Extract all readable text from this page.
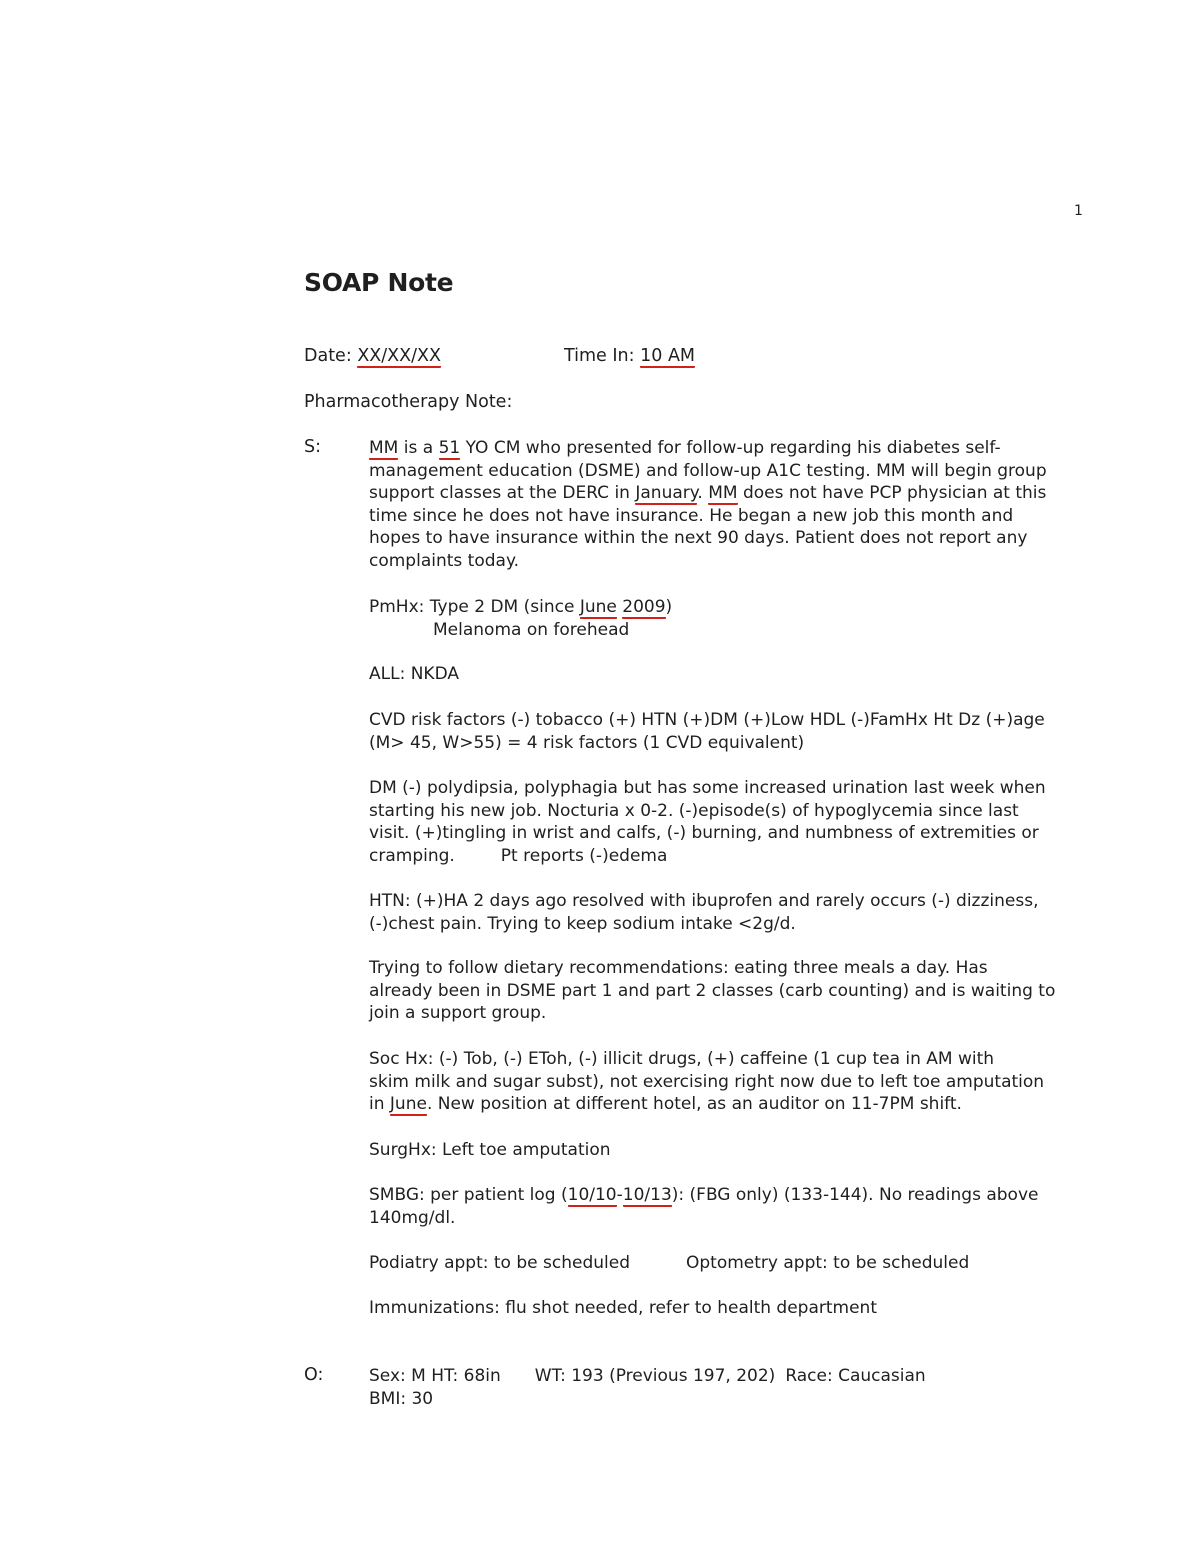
1
SOAP Note
Date: XX/XX/XX	Time In: 10 AM
Pharmacotherapy Note:
S:	MM is a 51 YO CM who presented for follow-up regarding his diabetes self-
management education (DSME) and follow-up A1C testing. MM will begin group
support classes at the DERC in January. MM does not have PCP physician at this
time since he does not have insurance. He began a new job this month and
hopes to have insurance within the next 90 days. Patient does not report any
complaints today.
PmHx: Type 2 DM (since June 2009)
Melanoma on forehead
ALL: NKDA
CVD risk factors (-) tobacco (+) HTN (+)DM (+)Low HDL (-)FamHx Ht Dz (+)age
(M> 45, W>55) = 4 risk factors (1 CVD equivalent)
DM (-) polydipsia, polyphagia but has some increased urination last week when
starting his new job. Nocturia x 0-2. (-)episode(s) of hypoglycemia since last
visit. (+)tingling in wrist and calfs, (-) burning, and numbness of extremities or
cramping.	Pt reports (-)edema
HTN: (+)HA 2 days ago resolved with ibuprofen and rarely occurs (-) dizziness,
(-)chest pain. Trying to keep sodium intake <2g/d.
Trying to follow dietary recommendations: eating three meals a day. Has
already been in DSME part 1 and part 2 classes (carb counting) and is waiting to
join a support group.
Soc Hx: (-) Tob, (-) EToh, (-) illicit drugs, (+) caffeine (1 cup tea in AM with
skim milk and sugar subst), not exercising right now due to left toe amputation
in June. New position at different hotel, as an auditor on 11-7PM shift.
SurgHx: Left toe amputation
SMBG: per patient log (10/10-10/13): (FBG only) (133-144). No readings above
140mg/dl.
Podiatry appt: to be scheduled	Optometry appt: to be scheduled
Immunizations: flu shot needed, refer to health department
O:	Sex: M HT: 68in WT: 193 (Previous 197, 202) Race: Caucasian
BMI: 30
